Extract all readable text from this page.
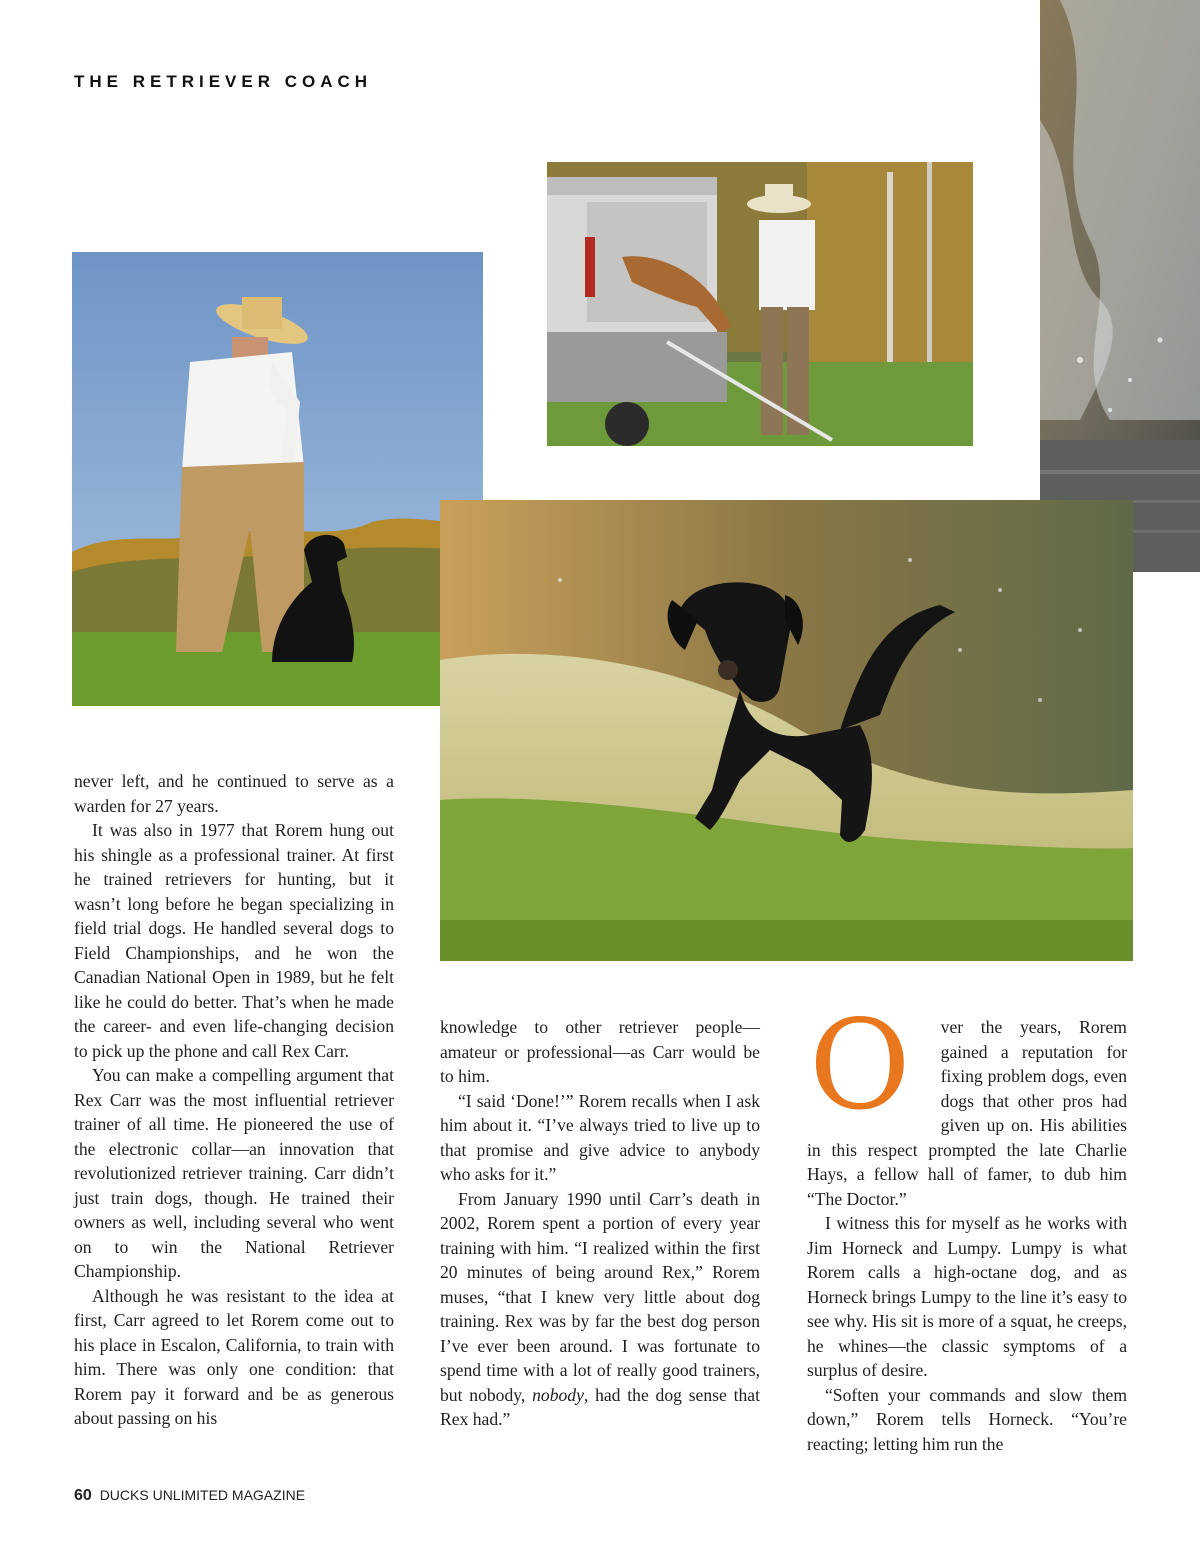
THE RETRIEVER COACH

never left, and he continued to serve as a warden for 27 years.

It was also in 1977 that Rorem hung out his shingle as a professional trainer. At first he trained retrievers for hunting, but it wasn’t long before he began specializing in field trial dogs. He handled several dogs to Field Championships, and he won the Canadian National Open in 1989, but he felt like he could do better. That’s when he made the career- and even life-changing decision to pick up the phone and call Rex Carr.

You can make a compelling argument that Rex Carr was the most influential retriever trainer of all time. He pioneered the use of the electronic collar—an innovation that revolutionized retriever training. Carr didn’t just train dogs, though. He trained their owners as well, including several who went on to win the National Retriever Championship.

Although he was resistant to the idea at first, Carr agreed to let Rorem come out to his place in Escalon, California, to train with him. There was only one condition: that Rorem pay it forward and be as generous about passing on his

knowledge to other retriever people—amateur or professional—as Carr would be to him.

“I said ‘Done!’” Rorem recalls when I ask him about it. “I’ve always tried to live up to that promise and give advice to anybody who asks for it.”

From January 1990 until Carr’s death in 2002, Rorem spent a portion of every year training with him. “I realized within the first 20 minutes of being around Rex,” Rorem muses, “that I knew very little about dog training. Rex was by far the best dog person I’ve ever been around. I was fortunate to spend time with a lot of really good trainers, but nobody, nobody, had the dog sense that Rex had.”

O ver the years, Rorem gained a reputation for fixing problem dogs, even dogs that other pros had given up on. His abilities in this respect prompted the late Charlie Hays, a fellow hall of famer, to dub him “The Doctor.”

I witness this for myself as he works with Jim Horneck and Lumpy. Lumpy is what Rorem calls a high-octane dog, and as Horneck brings Lumpy to the line it’s easy to see why. His sit is more of a squat, he creeps, he whines—the classic symptoms of a surplus of desire.

“Soften your commands and slow them down,” Rorem tells Horneck. “You’re reacting; letting him run the

60 DUCKS UNLIMITED MAGAZINE
